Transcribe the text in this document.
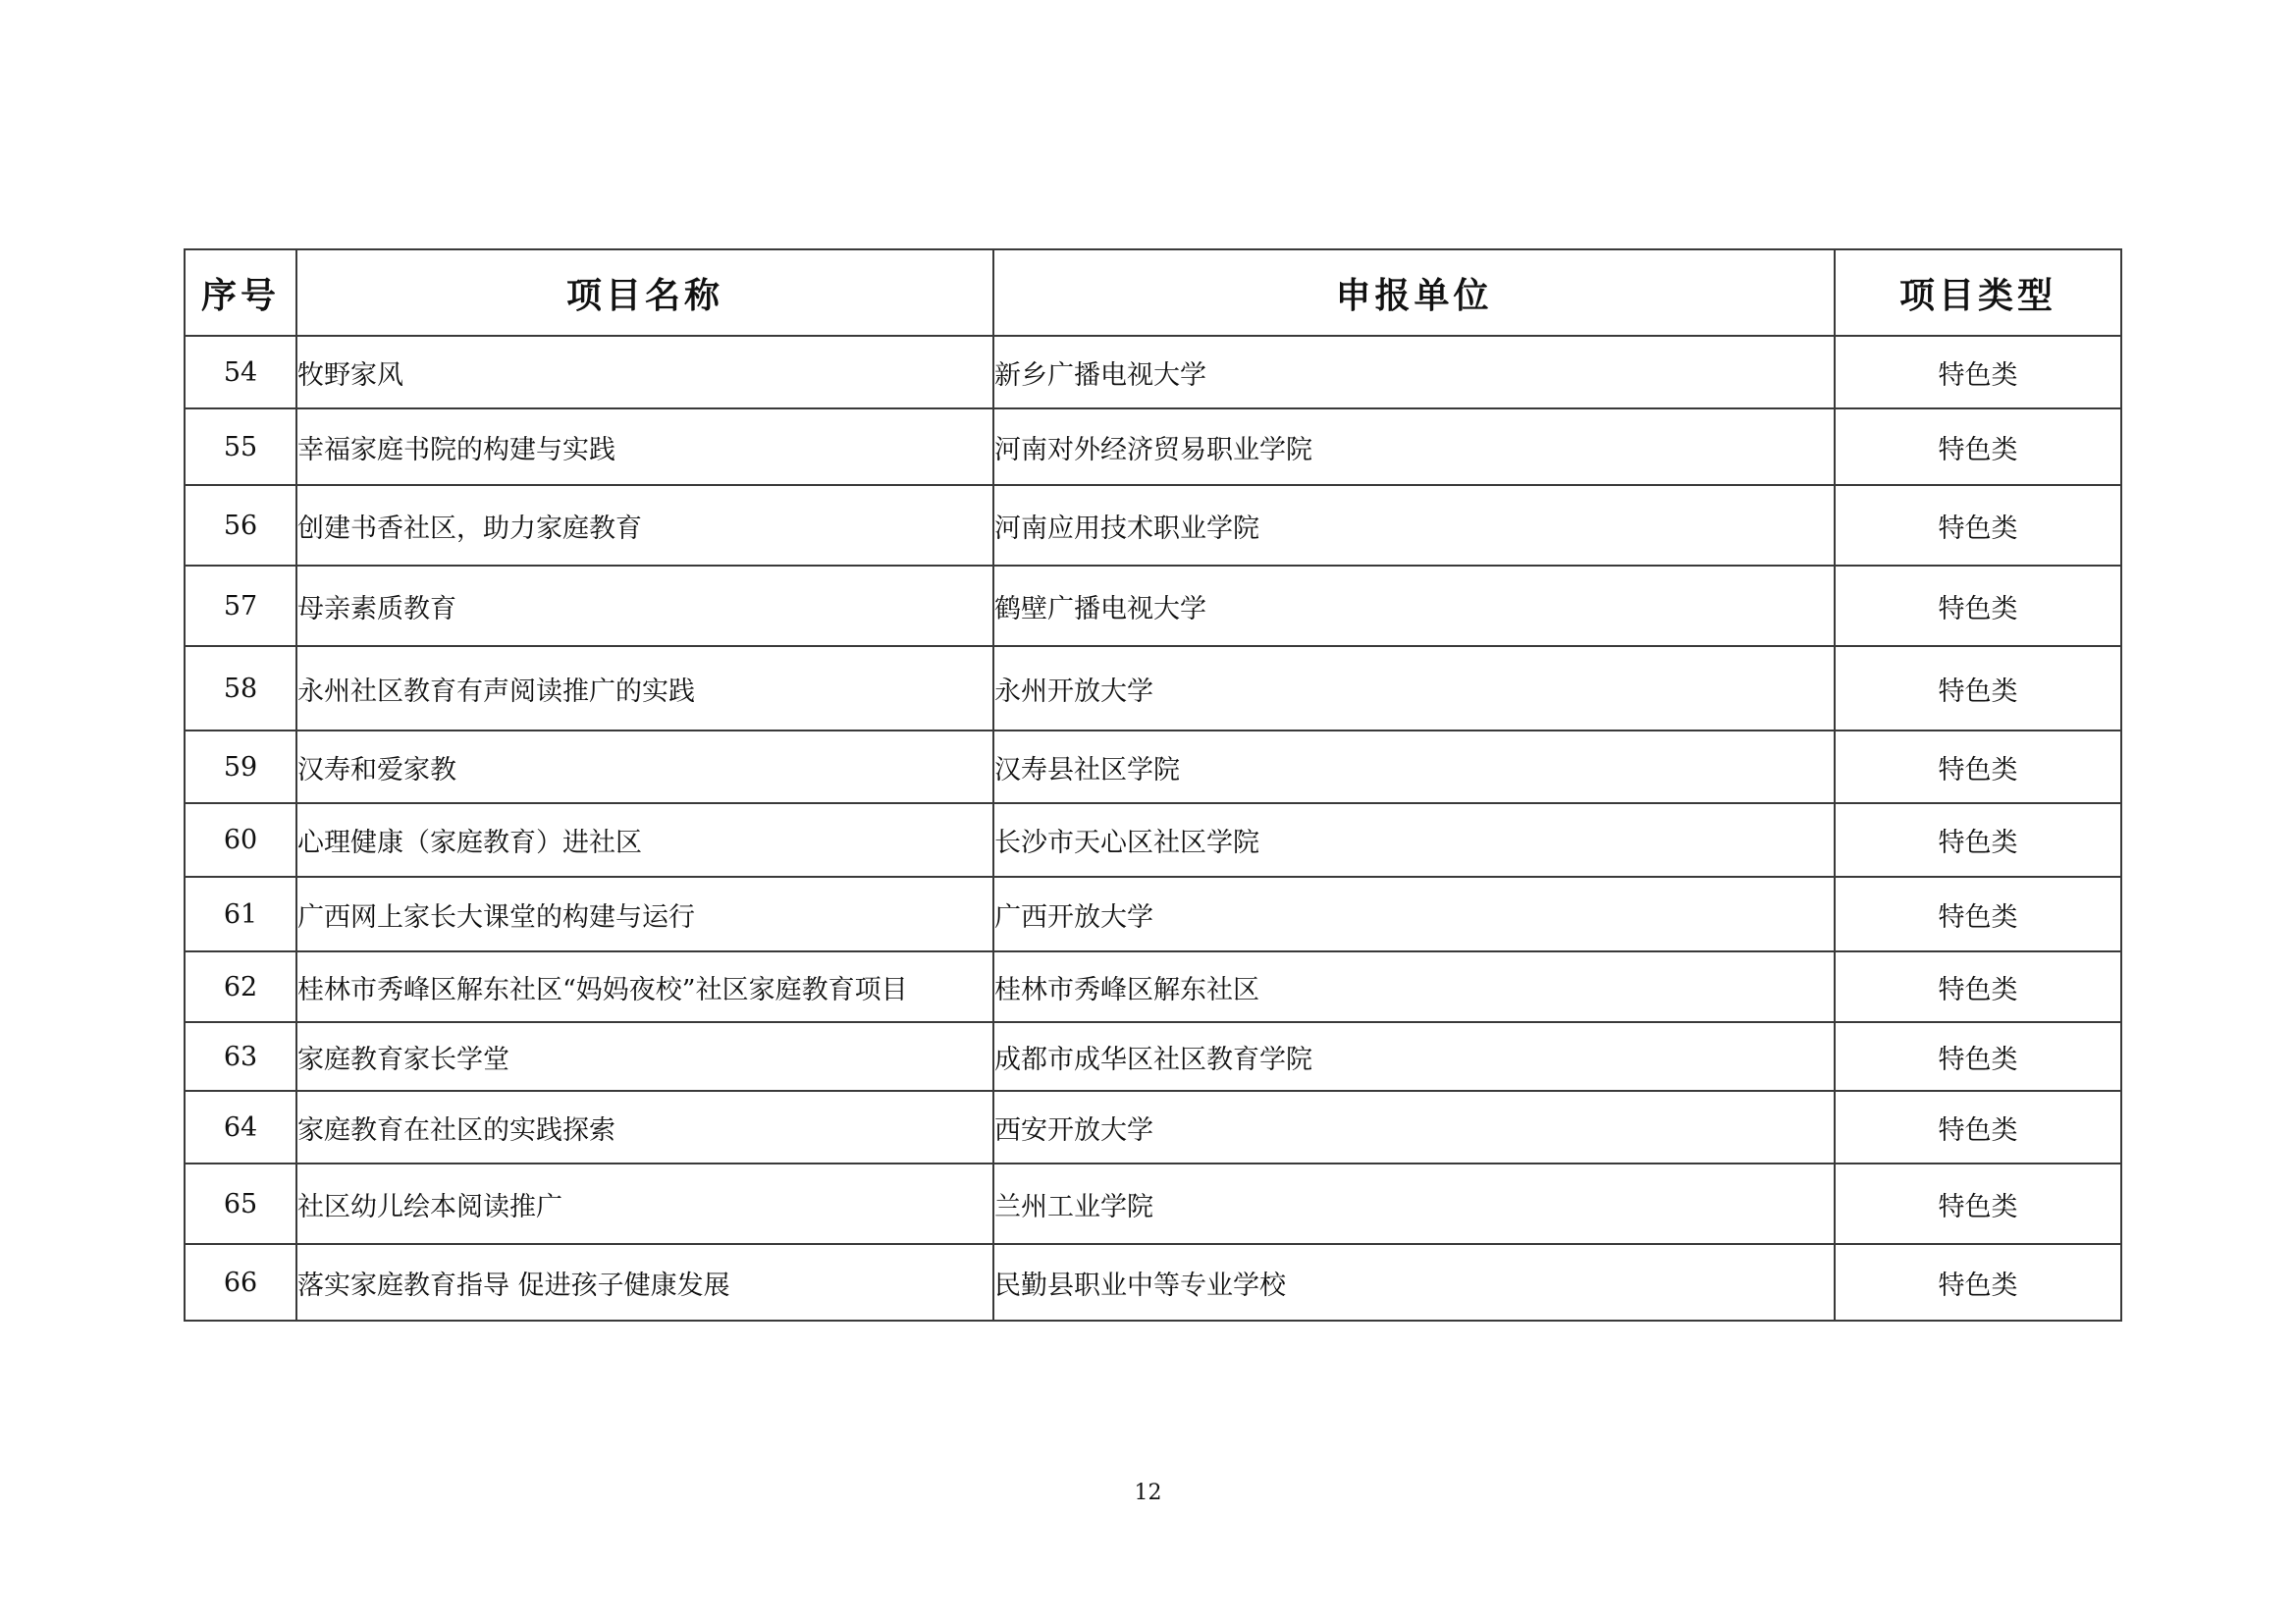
序号	项目名称	申报单位	项目类型
54	牧野家风	新乡广播电视大学	特色类
55	幸福家庭书院的构建与实践	河南对外经济贸易职业学院	特色类
56	创建书香社区，助力家庭教育	河南应用技术职业学院	特色类
57	母亲素质教育	鹤壁广播电视大学	特色类
58	永州社区教育有声阅读推广的实践	永州开放大学	特色类
59	汉寿和爱家教	汉寿县社区学院	特色类
60	心理健康（家庭教育）进社区	长沙市天心区社区学院	特色类
61	广西网上家长大课堂的构建与运行	广西开放大学	特色类
62	桂林市秀峰区解东社区“妈妈夜校”社区家庭教育项目	桂林市秀峰区解东社区	特色类
63	家庭教育家长学堂	成都市成华区社区教育学院	特色类
64	家庭教育在社区的实践探索	西安开放大学	特色类
65	社区幼儿绘本阅读推广	兰州工业学院	特色类
66	落实家庭教育指导 促进孩子健康发展	民勤县职业中等专业学校	特色类
12
